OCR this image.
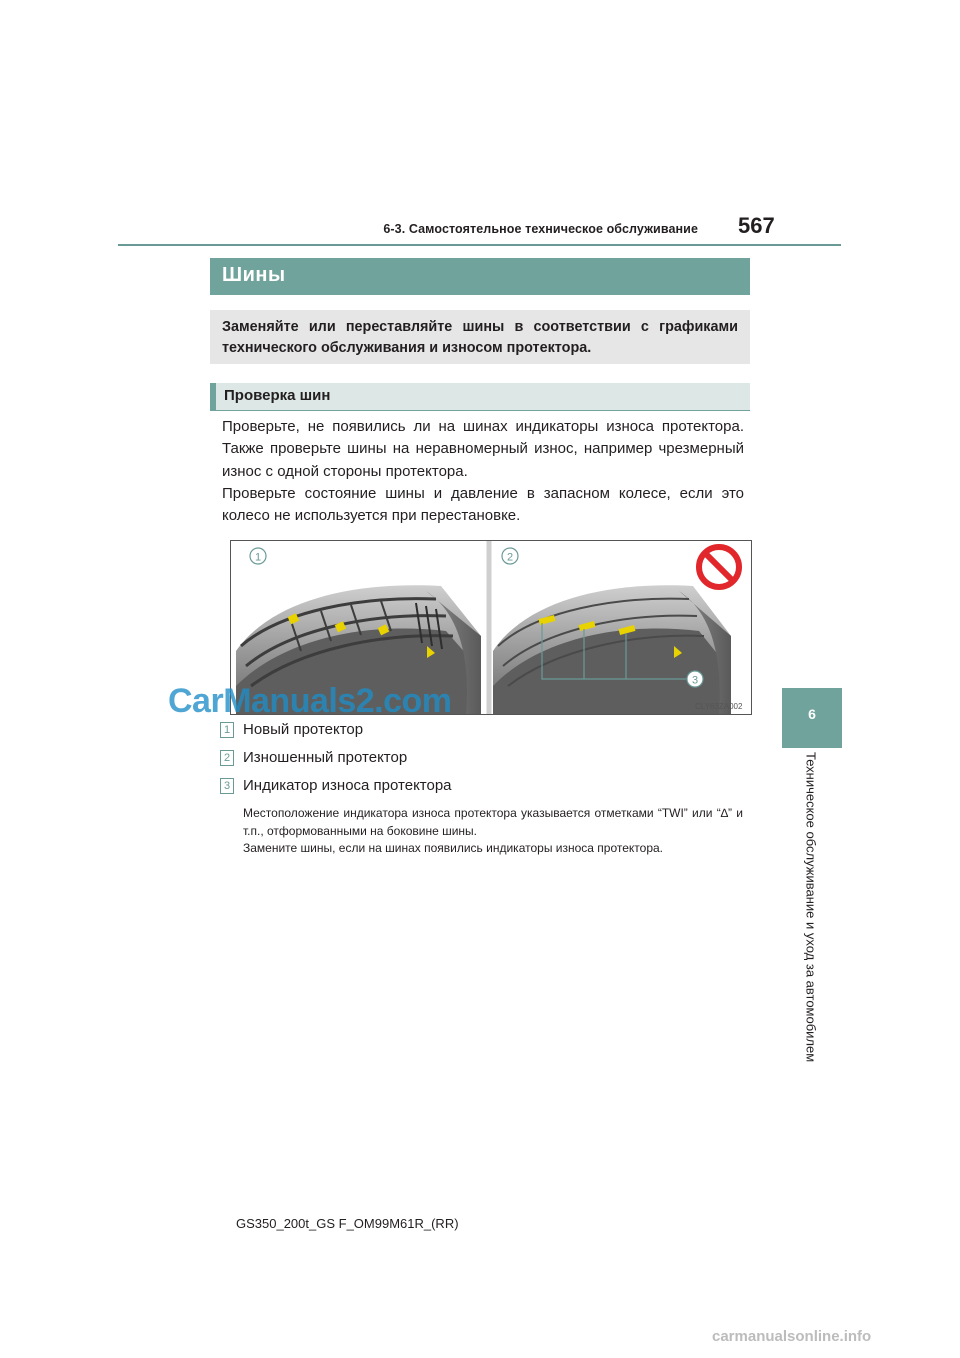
6-3. Самостоятельное техническое обслуживание 567
Шины
Заменяйте или переставляйте шины в соответствии с графиками технического обслуживания и износом протектора.
Проверка шин

Проверьте, не появились ли на шинах индикаторы износа протектора. Также проверьте шины на неравномерный износ, например чрезмерный износ с одной стороны протектора.

Проверьте состояние шины и давление в запасном колесе, если это колесо не используется при перестановке.

1	2
3
CLY63ZA002
1 Новый протектор
2 Изношенный протектор
3 Индикатор износа протектора

Местоположение индикатора износа протектора указывается отметками “TWI” или “∆” и т.п., отформованными на боковине шины.

Замените шины, если на шинах появились индикаторы износа протектора.

6
Техническое обслуживание и уход за автомобилем
GS350_200t_GS F_OM99M61R_(RR)
CarManuals2.com
carmanualsonline.info
